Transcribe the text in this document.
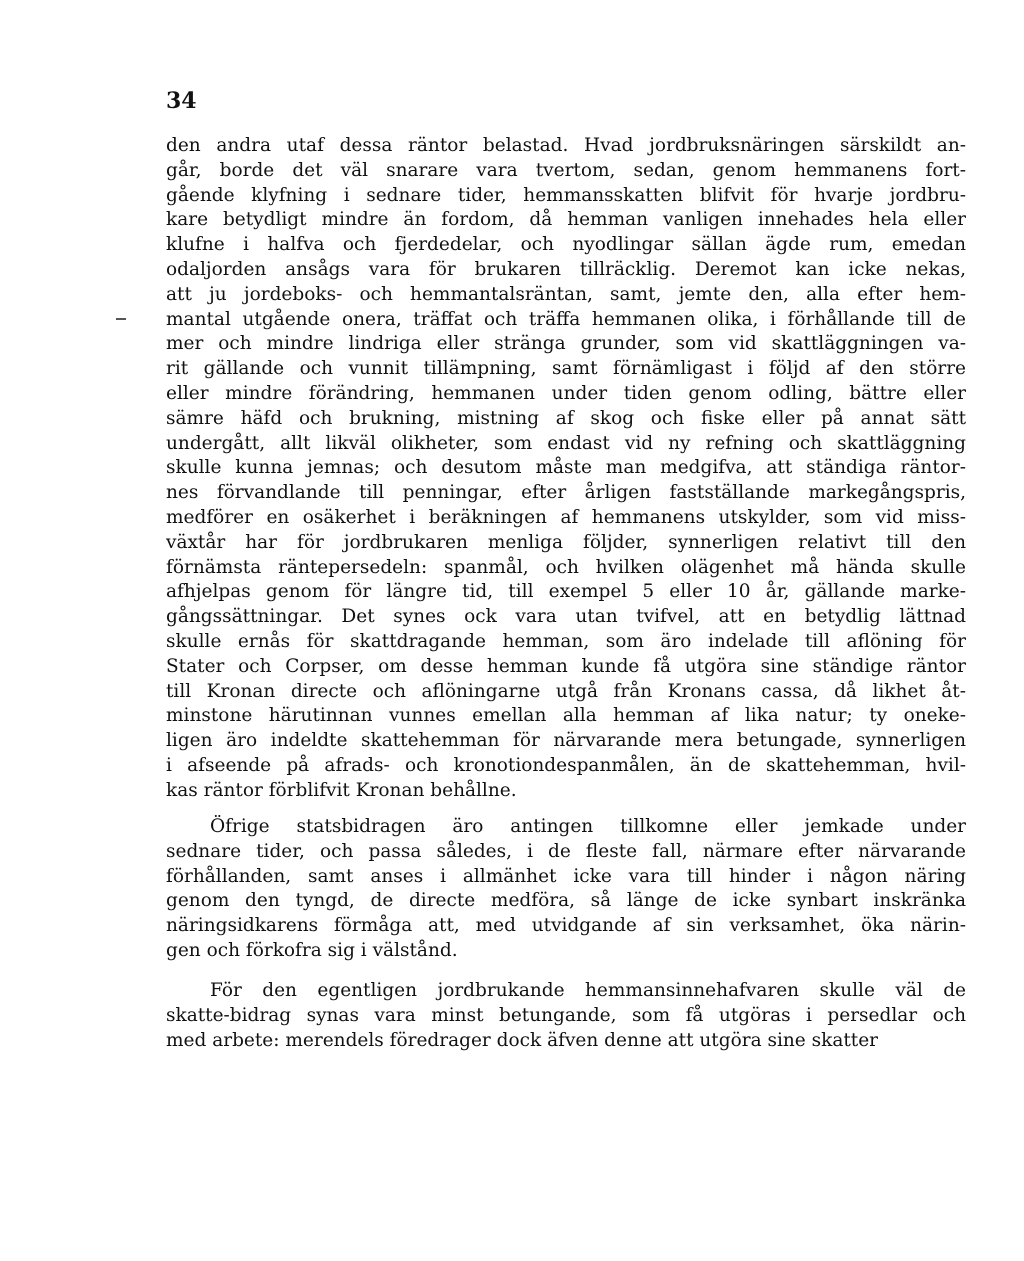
34
den andra utaf dessa räntor belastad. Hvad jordbruksnäringen särskildt an-
går, borde det väl snarare vara tvertom, sedan, genom hemmanens fort-
gående klyfning i sednare tider, hemmansskatten blifvit för hvarje jordbru-
kare betydligt mindre än fordom, då hemman vanligen innehades hela eller
klufne i halfva och fjerdedelar, och nyodlingar sällan ägde rum, emedan
odaljorden ansågs vara för brukaren tillräcklig. Deremot kan icke nekas,
att ju jordeboks- och hemmantalsräntan, samt, jemte den, alla efter hem-
mantal utgående onera, träffat och träffa hemmanen olika, i förhållande till de
mer och mindre lindriga eller stränga grunder, som vid skattläggningen va-
rit gällande och vunnit tillämpning, samt förnämligast i följd af den större
eller mindre förändring, hemmanen under tiden genom odling, bättre eller
sämre häfd och brukning, mistning af skog och fiske eller på annat sätt
undergått, allt likväl olikheter, som endast vid ny refning och skattläggning
skulle kunna jemnas; och desutom måste man medgifva, att ständiga räntor-
nes förvandlande till penningar, efter årligen fastställande markegångspris,
medförer en osäkerhet i beräkningen af hemmanens utskylder, som vid miss-
växtår har för jordbrukaren menliga följder, synnerligen relativt till den
förnämsta räntepersedeln: spanmål, och hvilken olägenhet må hända skulle
afhjelpas genom för längre tid, till exempel 5 eller 10 år, gällande marke-
gångssättningar. Det synes ock vara utan tvifvel, att en betydlig lättnad
skulle ernås för skattdragande hemman, som äro indelade till aflöning för
Stater och Corpser, om desse hemman kunde få utgöra sine ständige räntor
till Kronan directe och aflöningarne utgå från Kronans cassa, då likhet åt-
minstone härutinnan vunnes emellan alla hemman af lika natur; ty oneke-
ligen äro indeldte skattehemman för närvarande mera betungade, synnerligen
i afseende på afrads- och kronotiondespanmålen, än de skattehemman, hvil-
kas räntor förblifvit Kronan behållne.
Öfrige statsbidragen äro antingen tillkomne eller jemkade under
sednare tider, och passa således, i de fleste fall, närmare efter närvarande
förhållanden, samt anses i allmänhet icke vara till hinder i någon näring
genom den tyngd, de directe medföra, så länge de icke synbart inskränka
näringsidkarens förmåga att, med utvidgande af sin verksamhet, öka närin-
gen och förkofra sig i välstånd.
För den egentligen jordbrukande hemmansinnehafvaren skulle väl de
skatte-bidrag synas vara minst betungande, som få utgöras i persedlar och
med arbete: merendels föredrager dock äfven denne att utgöra sine skatter
